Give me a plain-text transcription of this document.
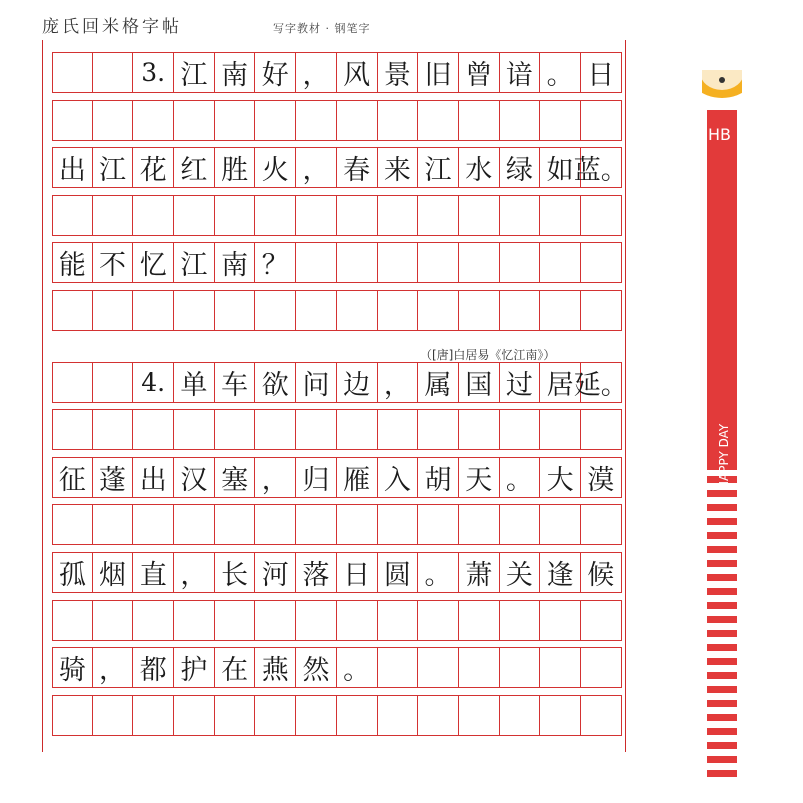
庞氏回米格字帖	写字教材 · 钢笔字
3. 江 南 好 ， 风 景 旧 曾 谙 。 日
出 江 花 红 胜 火 ， 春 来 江 水 绿 如 蓝。
能 不 忆 江 南 ？
4. 单 车 欲 问 边 ， 属 国 过 居 延。
征 蓬 出 汉 塞 ， 归 雁 入 胡 天 。 大 漠
孤 烟 直 ， 长 河 落 日 圆 。 萧 关 逢 候
骑 ， 都 护 在 燕 然 。
（[唐]白居易《忆江南》）
HB
HAPPY DAY
